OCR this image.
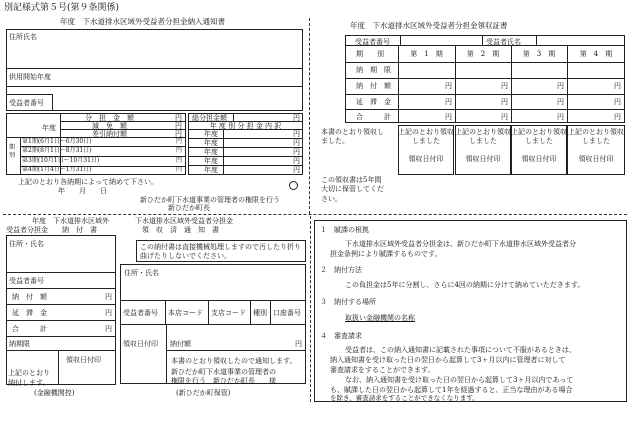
別記様式第５号(第９条関係)
年度　下水道排水区域外受益者分担金納入通知書
住所氏名
供用開始年度
受益者番号
年度
分　担　金　額	円
減　免　額	円
差引納付額	円
期別
第1期(6月1日〜6月30日)	円
第2期(8月1日〜8月31日)	円
第3期(10月1日〜10月31日)	円
第4期(1月4日〜1月31日)	円
総分担金額	円
年 度 別 分 担 金 内 訳
年度	円
年度	円
年度	円
年度	円
年度	円
上記のとおり各納期によって納めて下さい。
年　　月　　日
新ひだか町下水道事業の管理者の権限を行う
新ひだか町長
年度　下水道排水区域外受益者分担金領収証書
受益者番号	受益者氏名
期　　別	第　1　期	第　2　期	第　3　期	第　4　期
納　期　限
納　付　額	円	円	円	円
延　滞　金	円	円	円	円
合　　　計	円	円	円	円
本書のとおり領収しました。
この領収書は5年間大切に保管してください。
上記のとおり領収しました
上記のとおり領収しました
上記のとおり領収しました
上記のとおり領収しました
領収日付印	領収日付印	領収日付印	領収日付印
年度　下水道排水区域外
受益者分担金　　納　付　書
下水道排水区域外受益者分担金
領　収　済　通　知　書
住所・氏名
受益者番号
納　付　額	円
延　滞　金	円
合　　　計	円
納期限
領収日付印
上記のとおり納付します。
(金融機関控)
この納付書は直接機械処理しますので汚したり折り曲げたりしないでください。
住所・氏名
受益者番号 本店コード 支店コード 種別 口座番号
領収日付印 納付額	円
本書のとおり領収したので通知します。
新ひだか町下水道事業の管理者の
権限を行う　新ひだか町長　　様
(新ひだか町保管)
１　賦課の根拠
下水道排水区域外受益者分担金は、新ひだか町下水道排水区域外受益者分
担金条例により賦課するものです。
２　納付方法
この負担金は5年に分割し、さらに4回の納期に分けて納めていただきます。
３　納付する場所
取扱い金融機関の名称
４　審査請求
受益者は、この納入通知書に記載された事項について不服があるときは、
納入通知書を受け取った日の翌日から起算して3ヶ月以内に管理者に対して
審査請求をすることができます。
なお、納入通知書を受け取った日の翌日から起算して3ヶ月以内であって
も、賦課した日の翌日から起算して1年を経過すると、正当な理由がある場合
を除き、審査請求をすることができなくなります。
